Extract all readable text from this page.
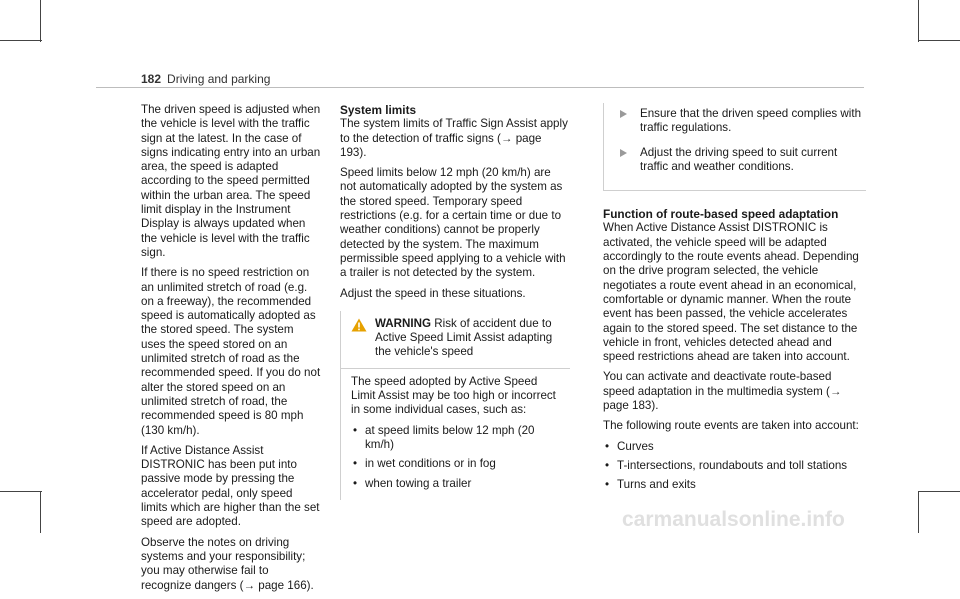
182 Driving and parking

The driven speed is adjusted when the vehicle is level with the traffic sign at the latest. In the case of signs indicating entry into an urban area, the speed is adapted according to the speed permitted within the urban area. The speed limit display in the Instrument Display is always updated when the vehicle is level with the traffic sign.

If there is no speed restriction on an unlimited stretch of road (e.g. on a freeway), the recommended speed is automatically adopted as the stored speed. The system uses the speed stored on an unlimited stretch of road as the recommended speed. If you do not alter the stored speed on an unlimited stretch of road, the recommended speed is 80 mph (130 km/h).

If Active Distance Assist DISTRONIC has been put into passive mode by pressing the accelerator pedal, only speed limits which are higher than the set speed are adopted.

Observe the notes on driving systems and your responsibility; you may otherwise fail to recognize dangers (→ page 166).

System limits

The system limits of Traffic Sign Assist apply to the detection of traffic signs (→ page 193).

Speed limits below 12 mph (20 km/h) are not automatically adopted by the system as the stored speed. Temporary speed restrictions (e.g. for a certain time or due to weather conditions) cannot be properly detected by the system. The maximum permissible speed applying to a vehicle with a trailer is not detected by the system.

Adjust the speed in these situations.

WARNING Risk of accident due to Active Speed Limit Assist adapting the vehicle's speed

The speed adopted by Active Speed Limit Assist may be too high or incorrect in some individual cases, such as:

• at speed limits below 12 mph (20 km/h)
• in wet conditions or in fog
• when towing a trailer
Ensure that the driven speed complies with traffic regulations.
Adjust the driving speed to suit current traffic and weather conditions.
Function of route-based speed adaptation

When Active Distance Assist DISTRONIC is activated, the vehicle speed will be adapted accordingly to the route events ahead. Depending on the drive program selected, the vehicle negotiates a route event ahead in an economical, comfortable or dynamic manner. When the route event has been passed, the vehicle accelerates again to the stored speed. The set distance to the vehicle in front, vehicles detected ahead and speed restrictions ahead are taken into account.

You can activate and deactivate route-based speed adaptation in the multimedia system (→ page 183).

The following route events are taken into account:

• Curves
• T-intersections, roundabouts and toll stations
• Turns and exits
carmanualsonline.info
